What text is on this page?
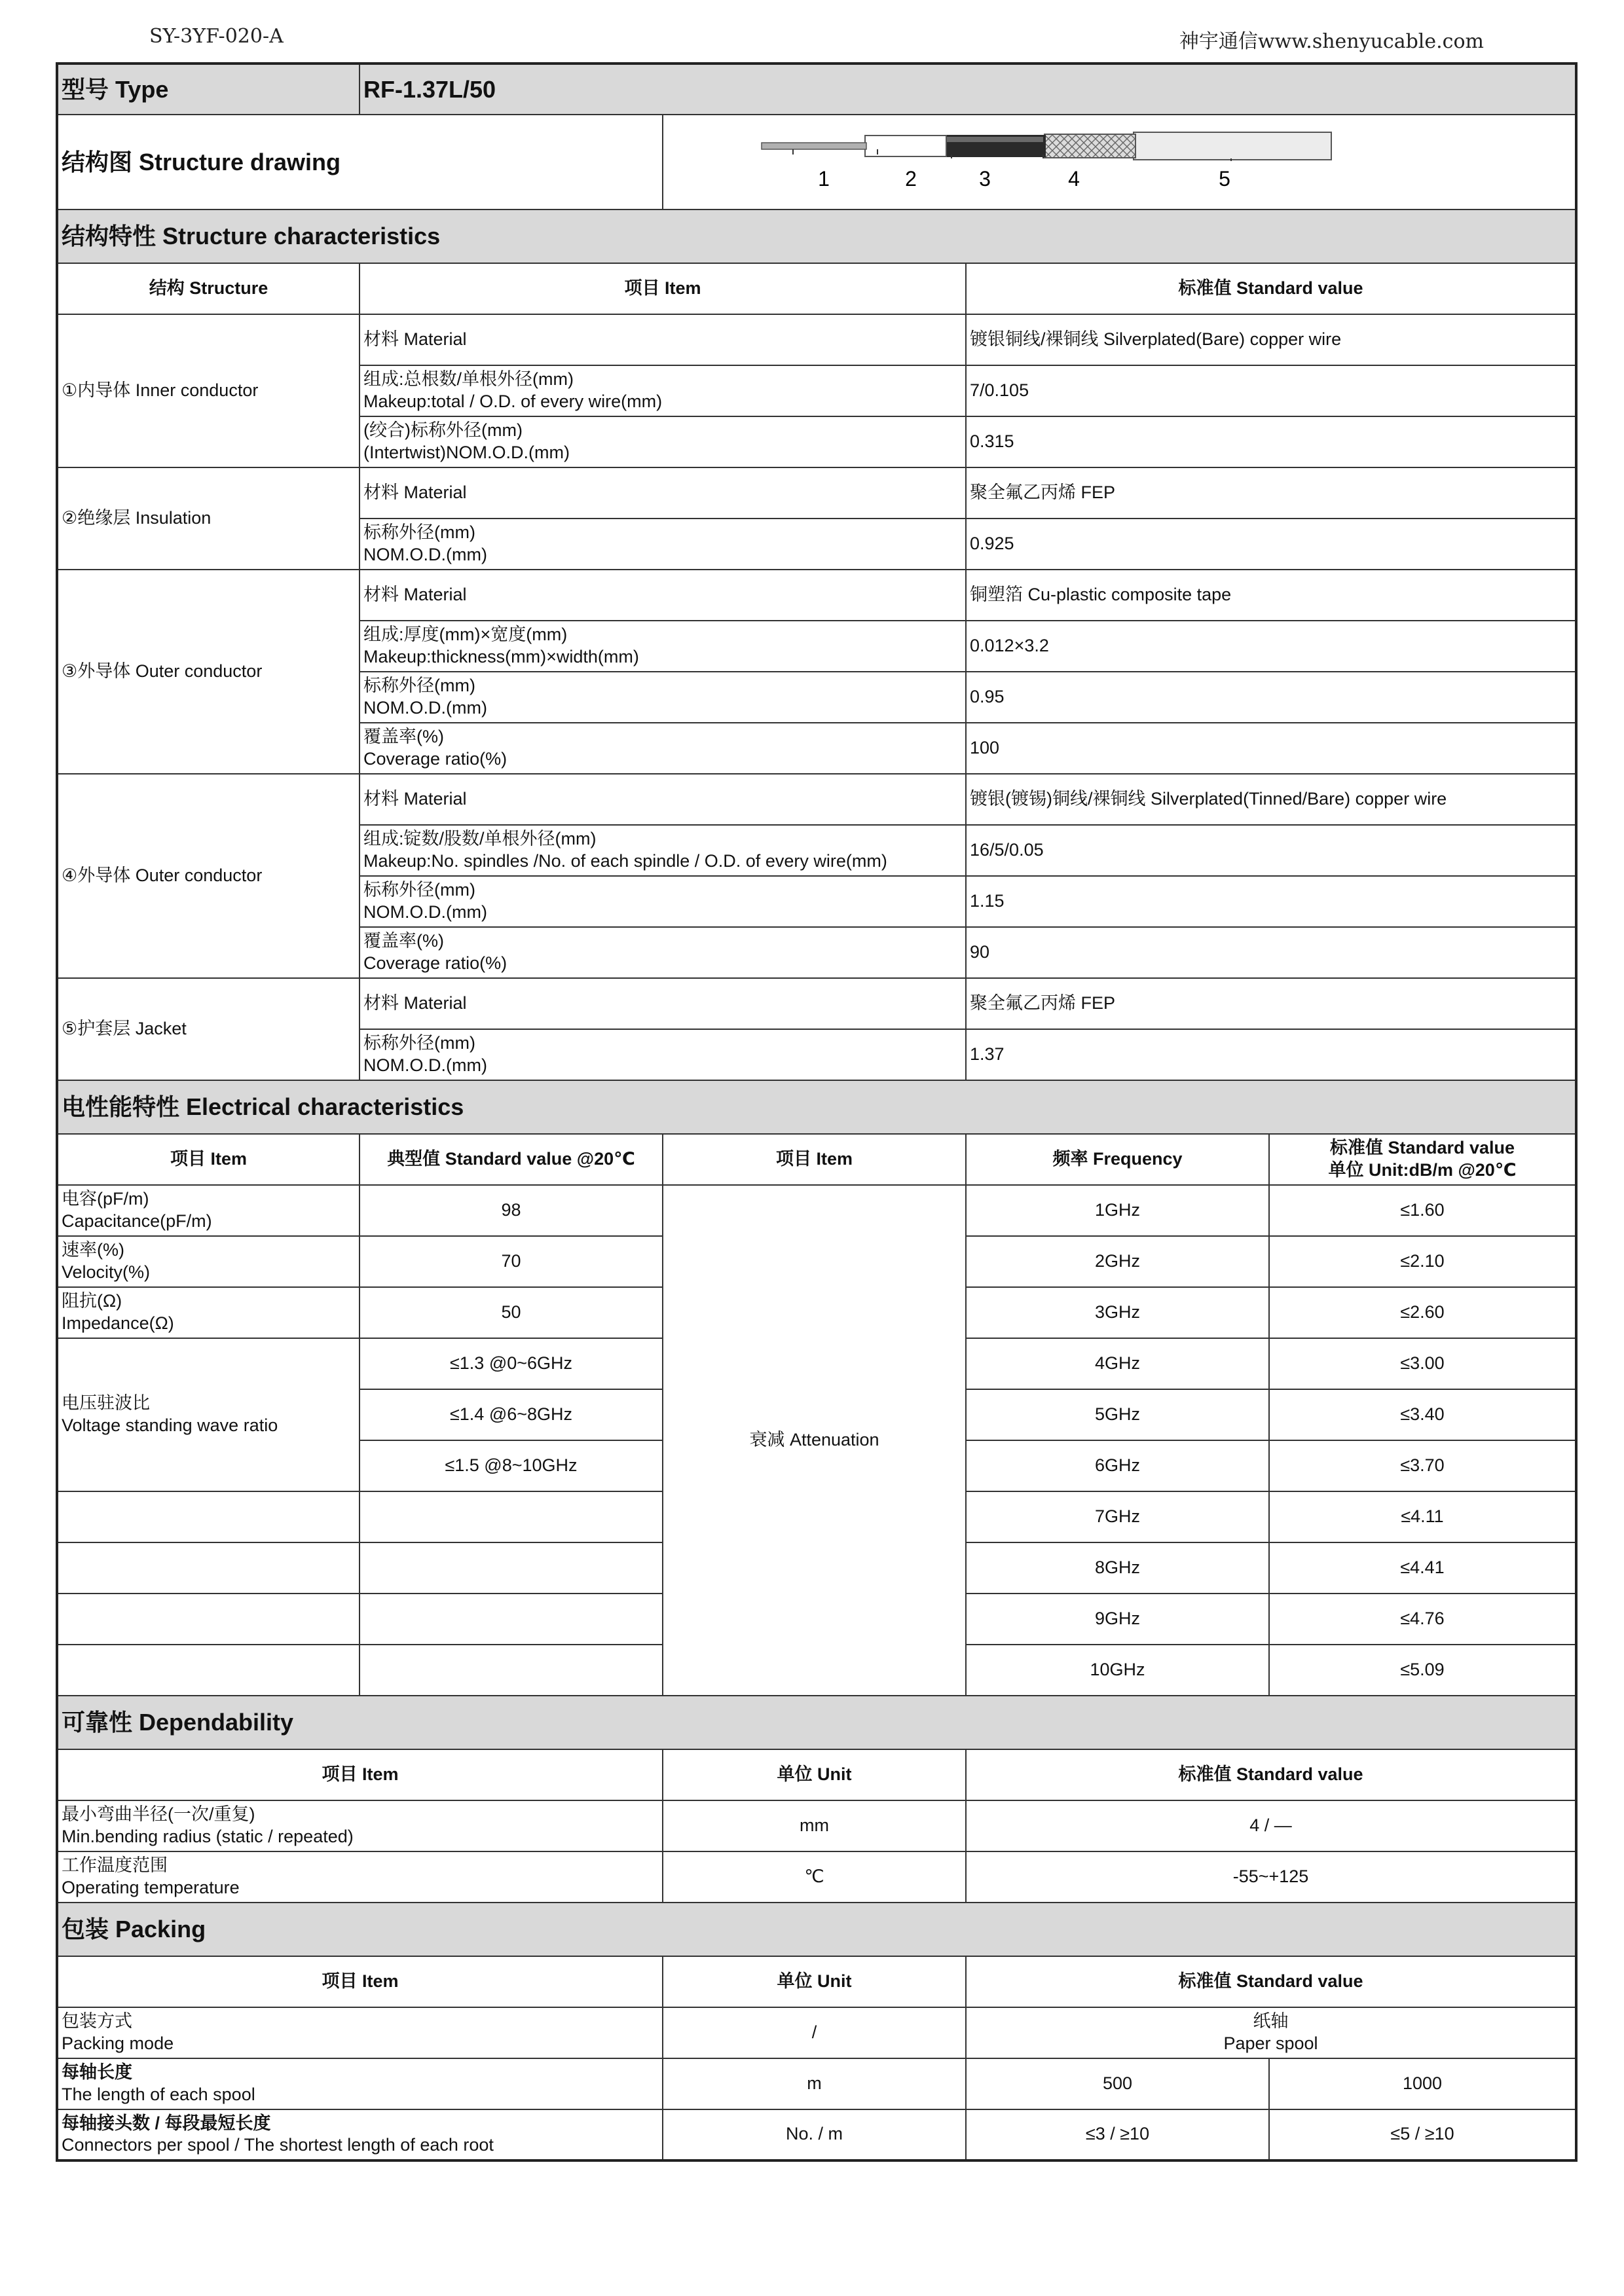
SY-3YF-020-A	神宇通信www.shenyucable.com
型号 Type	RF-1.37L/50			
结构图 Structure drawing		1 2 3 4 5		

结构特性 Structure characteristics				
结构 Structure	项目 Item		标准值 Standard value	
①内导体 Inner conductor	材料 Material		镀银铜线/裸铜线 Silverplated(Bare) copper wire	

	组成:总根数/单根外径(mm)
Makeup:total / O.D. of every wire(mm)		7/0.105	

	(绞合)标称外径(mm)
(Intertwist)NOM.O.D.(mm)		0.315	
②绝缘层 Insulation	材料 Material		聚全氟乙丙烯 FEP	

	标称外径(mm)
NOM.O.D.(mm)		0.925	
③外导体 Outer conductor	材料 Material		铜塑箔 Cu-plastic composite tape	

	组成:厚度(mm)×宽度(mm)
Makeup:thickness(mm)×width(mm)		0.012×3.2	

	标称外径(mm)
NOM.O.D.(mm)		0.95	

	覆盖率(%)
Coverage ratio(%)		100	
④外导体 Outer conductor	材料 Material		镀银(镀锡)铜线/裸铜线 Silverplated(Tinned/Bare) copper wire	

	组成:锭数/股数/单根外径(mm)
Makeup:No. spindles /No. of each spindle / O.D. of every wire(mm)		16/5/0.05	

	标称外径(mm)
NOM.O.D.(mm)		1.15	

	覆盖率(%)
Coverage ratio(%)		90	
⑤护套层 Jacket	材料 Material		聚全氟乙丙烯 FEP	

	标称外径(mm)
NOM.O.D.(mm)		1.37	
电性能特性 Electrical characteristics				
项目 Item	典型值 Standard value @20℃	项目 Item	频率 Frequency	标准值 Standard value
单位 Unit:dB/m @20℃

电容(pF/m)
Capacitance(pF/m)	98	衰减 Attenuation	1GHz	≤1.60

速率(%)
Velocity(%)	70		2GHz	≤2.10

阻抗(Ω)
Impedance(Ω)	50		3GHz	≤2.60

电压驻波比
Voltage standing wave ratio	≤1.3 @0~6GHz		4GHz	≤3.00
	≤1.4 @6~8GHz		5GHz	≤3.40
	≤1.5 @8~10GHz		6GHz	≤3.70
			7GHz	≤4.11
			8GHz	≤4.41
			9GHz	≤4.76
			10GHz	≤5.09
可靠性 Dependability				
项目 Item		单位 Unit	标准值 Standard value	

最小弯曲半径(一次/重复)
Min.bending radius (static / repeated)		mm	4 / —	

工作温度范围
Operating temperature		℃	-55~+125	
包装 Packing				
项目 Item		单位 Unit	标准值 Standard value	

包装方式
Packing mode		/	纸轴
Paper spool	

每轴长度
The length of each spool		m	500	1000

每轴接头数 / 每段最短长度
Connectors per spool / The shortest length of each root		No. / m	≤3 / ≥10	≤5 / ≥10
